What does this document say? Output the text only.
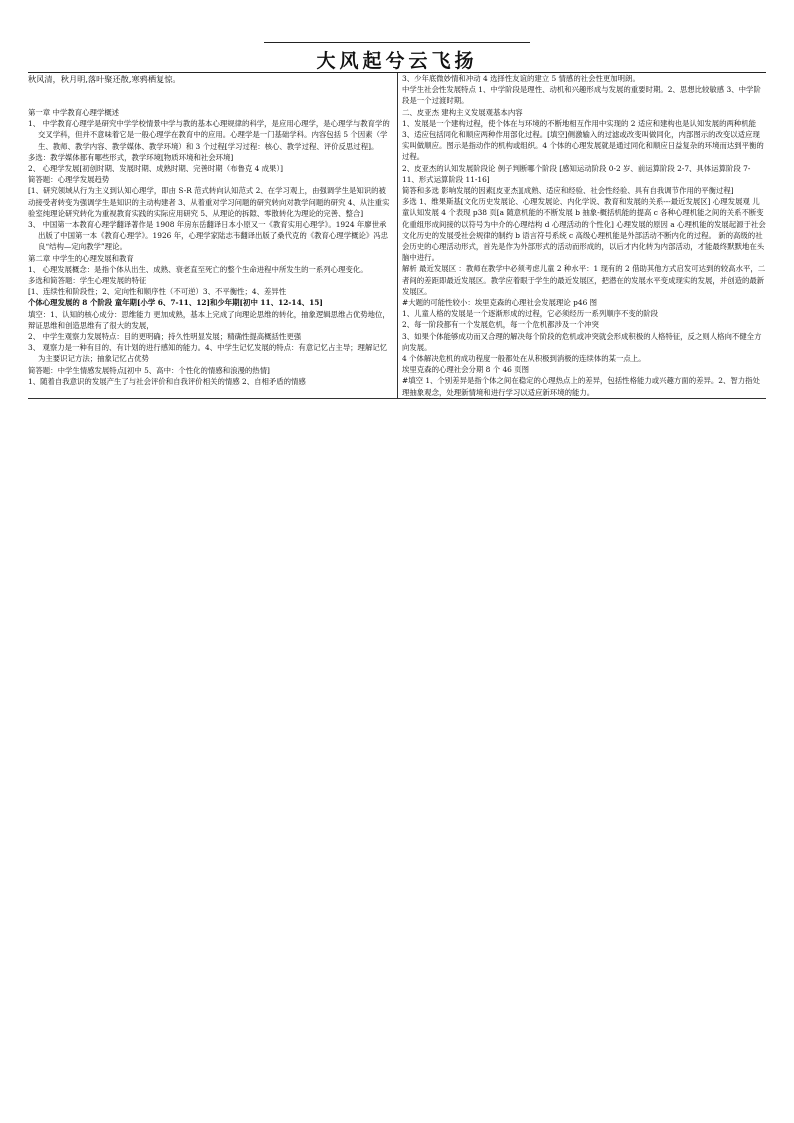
大风起兮云飞扬

秋风清，秋月明,落叶聚还散,寒鸦栖复惊。

第一章 中学教育心理学概述

1、 中学教育心理学是研究中学学校情景中学与教的基本心理规律的科学，是应用心理学，是心理学与教育学的交叉学科，但并不意味着它是一般心理学在教育中的应用。心理学是一门基础学科。内容包括 5 个因素（学生、教师、教学内容、教学媒体、教学环境）和 3 个过程[学习过程：核心、教学过程、评价反思过程]。

多选：教学媒体都有哪些形式，教学环境[物质环境和社会环境]

2、 心理学发展[初创时期、发展时期、成熟时期、完善时期（布鲁克 4 成果）]

简答题：心理学发展趋势

[1、研究领域从行为主义到认知心理学，即由 S-R 范式转向认知范式 2、在学习观上，由强调学生是知识的被动接受者转变为强调学生是知识的主动构建者 3、从着重对学习问题的研究转向对教学问题的研究 4、从注重实验室纯理论研究转化为重视教育实践的实际应用研究 5、从理论的拆隙、零散转化为理论的完善、整合]

3、 中国第一本教育心理学翻译著作是 1908 年房东岳翻译日本小原又一《教育实用心理学》。1924 年廖世承出版了中国第一本《教育心理学》。1926 年，心理学家陆志韦翻译出版了桑代克的《教育心理学概论》冯忠良“结构—定向教学”理论。

第二章 中学生的心理发展和教育

1、 心理发展概念：是指个体从出生、成熟、衰老直至死亡的整个生命进程中所发生的一系列心理变化。

多选和简答题：学生心理发展的特征

[1、连续性和阶段性；2、定向性和顺序性（不可逆）3、不平衡性；4、差异性

个体心理发展的 8 个阶段 童年期[小学 6、7-11、12]和少年期[初中 11、12-14、15]

填空：1、认知的核心成分：思维能力 更加成熟，基本上完成了向理论思维的转化，抽象逻辑思维占优势地位，辩证思维和创造思维有了很大的发展，

2、 中学生观察力发展特点：目的更明确；持久性明显发展；精确性提高概括性更强

3、 观察力是一种有目的、有计划的进行感知的能力。4、中学生记忆发展的特点：有意记忆占主导；理解记忆为主要识记方法；抽象记忆占优势

简答题：中学生情感发展特点[初中 5、高中：个性化的情感和浪漫的热情]

1、随着自我意识的发展产生了与社会评价和自我评价相关的情感 2、自相矛盾的情感

3、少年底微妙情和冲动 4 选择性友谊的建立 5 情感的社会性更加明朗。

中学生社会性发展特点 1、中学阶段是理性、动机和兴趣形成与发展的重要时期。2、思想比较敏感 3、中学阶段是一个过渡时期。

二、皮亚杰 建构主义发展观基本内容

1、发展是一个建构过程，使个体在与环境的不断地相互作用中实现的 2 适应和建构也是认知发展的两种机能 3、适应包括同化和顺应两种作用部化过程。[填空]侧激输入的过滤或改变叫做同化，内部图示的改变以适应现实叫做顺应。图示是指动作的机构或组织。4 个体的心理发展就是通过同化和顺应日益复杂的环境而达到平衡的过程。

2、皮亚杰的认知发展阶段论 例子判断哪个阶段 [感知运动阶段 0-2 岁、前运算阶段 2-7、具体运算阶段 7-11、形式运算阶段 11-16]

简答和多选 影响发展的因素[皮亚杰][成熟、适应和经验、社会性经验、具有自我调节作用的平衡过程]

多选 1、维果斯基[文化历史发展论、心理发展论、内化学说、教育和发展的关系---最近发展区] 心理发展观 儿童认知发展 4 个表现 p38 页[a 随意机能的不断发展 b 抽象-概括机能的提高 c 各种心理机能之间的关系不断变化重组形成间接的以符号为中介的心理结构 d 心理活动的个性化] 心理发展的原因 a 心理机能的发展起源于社会文化历史的发展受社会规律的制约 b 语言符号系统 c 高级心理机能是外部活动不断内化的过程。 新的高级的社会历史的心理活动形式，首先是作为外部形式的活动而形成的，以后才内化转为内部活动，才能最终默默地在头脑中进行。

解析 最近发展区 ：教师在教学中必须考虑儿童 2 种水平：1 现有的 2 借助其他方式启发可达到的较高水平，二者间的差距即最近发展区。教学应着眼于学生的最近发展区，把潜在的发展水平变成现实的发展，并创造的最新发展区。

#大题的可能性较小：埃里克森的心理社会发展理论 p46 图

1、儿童人格的发展是一个逐渐形成的过程，它必须经历一系列顺序不变的阶段

2、每一阶段都有一个发展危机，每一个危机都涉及一个冲突

3、如果个体能够成功而又合理的解决每个阶段的危机或冲突就会形成积极的人格特征，反之则人格向不健全方向发展。

4 个体解决危机的成功程度一般都处在从积极到消极的连续体的某一点上。

埃里克森的心理社会分期 8 个 46 页图

#填空 1、个别差异是指个体之间在稳定的心理热点上的差异，包括性格能力或兴趣方面的差异。2、智力指处理抽象观念，处理新情境和进行学习以适应新环境的能力。
